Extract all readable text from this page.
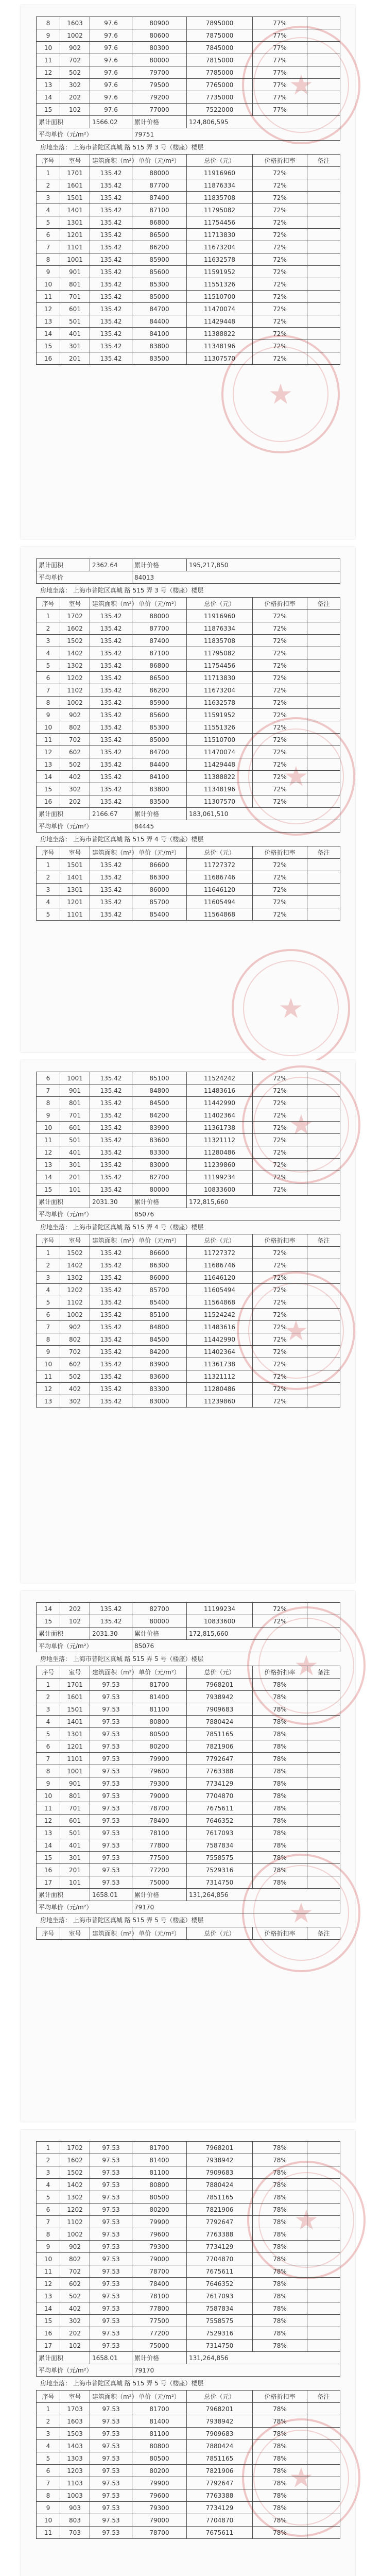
★
★
8	1603	97.6	80900	7895000	77%	
9	1002	97.6	80600	7875000	77%	
10	902	97.6	80300	7845000	77%	
11	702	97.6	80000	7815000	77%	
12	502	97.6	79700	7785000	77%	
13	302	97.6	79500	7765000	77%	
14	202	97.6	79200	7735000	77%	
15	102	97.6	77000	7522000	77%	
累计面积		1566.02	累计价格	124,806,595		
平均单价（元/m²）			79751			
房地坐落： 上海市普陀区真城 路 515 弄 3 号（楼座）楼层
序号	室号	建筑面积（m²）	单价（元/m²）	总价（元）	价格折扣率	备注
1	1701	135.42	88000	11916960	72%	
2	1601	135.42	87700	11876334	72%	
3	1501	135.42	87400	11835708	72%	
4	1401	135.42	87100	11795082	72%	
5	1301	135.42	86800	11754456	72%	
6	1201	135.42	86500	11713830	72%	
7	1101	135.42	86200	11673204	72%	
8	1001	135.42	85900	11632578	72%	
9	901	135.42	85600	11591952	72%	
10	801	135.42	85300	11551326	72%	
11	701	135.42	85000	11510700	72%	
12	601	135.42	84700	11470074	72%	
13	501	135.42	84400	11429448	72%	
14	401	135.42	84100	11388822	72%	
15	301	135.42	83800	11348196	72%	
16	201	135.42	83500	11307570	72%	
★
★
累计面积	2362.64	累计价格	195,217,850
平均单价		84013	
房地坐落： 上海市普陀区真城 路 515 弄 3 号（楼座）楼层
序号	室号	建筑面积（m²）	单价（元/m²）	总价（元）	价格折扣率	备注
1	1702	135.42	88000	11916960	72%	
2	1602	135.42	87700	11876334	72%	
3	1502	135.42	87400	11835708	72%	
4	1402	135.42	87100	11795082	72%	
5	1302	135.42	86800	11754456	72%	
6	1202	135.42	86500	11713830	72%	
7	1102	135.42	86200	11673204	72%	
8	1002	135.42	85900	11632578	72%	
9	902	135.42	85600	11591952	72%	
10	802	135.42	85300	11551326	72%	
11	702	135.42	85000	11510700	72%	
12	602	135.42	84700	11470074	72%	
13	502	135.42	84400	11429448	72%	
14	402	135.42	84100	11388822	72%	
15	302	135.42	83800	11348196	72%	
16	202	135.42	83500	11307570	72%	
累计面积		2166.67	累计价格	183,061,510		
平均单价（元/m²）			84445			
房地坐落： 上海市普陀区真城 路 515 弄 4 号（楼座）楼层
序号	室号	建筑面积（m²）	单价（元/m²）	总价（元）	价格折扣率	备注
1	1501	135.42	86600	11727372	72%	
2	1401	135.42	86300	11686746	72%	
3	1301	135.42	86000	11646120	72%	
4	1201	135.42	85700	11605494	72%	
5	1101	135.42	85400	11564868	72%	
★
★
6	1001	135.42	85100	11524242	72%	
7	901	135.42	84800	11483616	72%	
8	801	135.42	84500	11442990	72%	
9	701	135.42	84200	11402364	72%	
10	601	135.42	83900	11361738	72%	
11	501	135.42	83600	11321112	72%	
12	401	135.42	83300	11280486	72%	
13	301	135.42	83000	11239860	72%	
14	201	135.42	82700	11199234	72%	
15	101	135.42	80000	10833600	72%	
累计面积		2031.30	累计价格	172,815,660		
平均单价（元/m²）			85076			
房地坐落： 上海市普陀区真城 路 515 弄 4 号（楼座）楼层
序号	室号	建筑面积（m²）	单价（元/m²）	总价（元）	价格折扣率	备注
1	1502	135.42	86600	11727372	72%	
2	1402	135.42	86300	11686746	72%	
3	1302	135.42	86000	11646120	72%	
4	1202	135.42	85700	11605494	72%	
5	1102	135.42	85400	11564868	72%	
6	1002	135.42	85100	11524242	72%	
7	902	135.42	84800	11483616	72%	
8	802	135.42	84500	11442990	72%	
9	702	135.42	84200	11402364	72%	
10	602	135.42	83900	11361738	72%	
11	502	135.42	83600	11321112	72%	
12	402	135.42	83300	11280486	72%	
13	302	135.42	83000	11239860	72%	
★
★
14	202	135.42	82700	11199234	72%	
15	102	135.42	80000	10833600	72%	
累计面积		2031.30	累计价格	172,815,660		
平均单价（元/m²）			85076			
房地坐落： 上海市普陀区真城 路 515 弄 5 号（楼座）楼层
序号	室号	建筑面积（m²）	单价（元/m²）	总价（元）	价格折扣率	备注
1	1701	97.53	81700	7968201	78%	
2	1601	97.53	81400	7938942	78%	
3	1501	97.53	81100	7909683	78%	
4	1401	97.53	80800	7880424	78%	
5	1301	97.53	80500	7851165	78%	
6	1201	97.53	80200	7821906	78%	
7	1101	97.53	79900	7792647	78%	
8	1001	97.53	79600	7763388	78%	
9	901	97.53	79300	7734129	78%	
10	801	97.53	79000	7704870	78%	
11	701	97.53	78700	7675611	78%	
12	601	97.53	78400	7646352	78%	
13	501	97.53	78100	7617093	78%	
14	401	97.53	77800	7587834	78%	
15	301	97.53	77500	7558575	78%	
16	201	97.53	77200	7529316	78%	
17	101	97.53	75000	7314750	78%	
累计面积		1658.01	累计价格	131,264,856		
平均单价（元/m²）			79170			
房地坐落： 上海市普陀区真城 路 515 弄 5 号（楼座）楼层
序号	室号	建筑面积（m²）	单价（元/m²）	总价（元）	价格折扣率	备注
★
★
1	1702	97.53	81700	7968201	78%	
2	1602	97.53	81400	7938942	78%	
3	1502	97.53	81100	7909683	78%	
4	1402	97.53	80800	7880424	78%	
5	1302	97.53	80500	7851165	78%	
6	1202	97.53	80200	7821906	78%	
7	1102	97.53	79900	7792647	78%	
8	1002	97.53	79600	7763388	78%	
9	902	97.53	79300	7734129	78%	
10	802	97.53	79000	7704870	78%	
11	702	97.53	78700	7675611	78%	
12	602	97.53	78400	7646352	78%	
13	502	97.53	78100	7617093	78%	
14	402	97.53	77800	7587834	78%	
15	302	97.53	77500	7558575	78%	
16	202	97.53	77200	7529316	78%	
17	102	97.53	75000	7314750	78%	
累计面积		1658.01	累计价格	131,264,856		
平均单价（元/m²）			79170			
房地坐落： 上海市普陀区真城 路 515 弄 5 号（楼座）楼层
序号	室号	建筑面积（m²）	单价（元/m²）	总价（元）	价格折扣率	备注
1	1703	97.53	81700	7968201	78%	
2	1603	97.53	81400	7938942	78%	
3	1503	97.53	81100	7909683	78%	
4	1403	97.53	80800	7880424	78%	
5	1303	97.53	80500	7851165	78%	
6	1203	97.53	80200	7821906	78%	
7	1103	97.53	79900	7792647	78%	
8	1003	97.53	79600	7763388	78%	
9	903	97.53	79300	7734129	78%	
10	803	97.53	79000	7704870	78%	
11	703	97.53	78700	7675611	78%	
